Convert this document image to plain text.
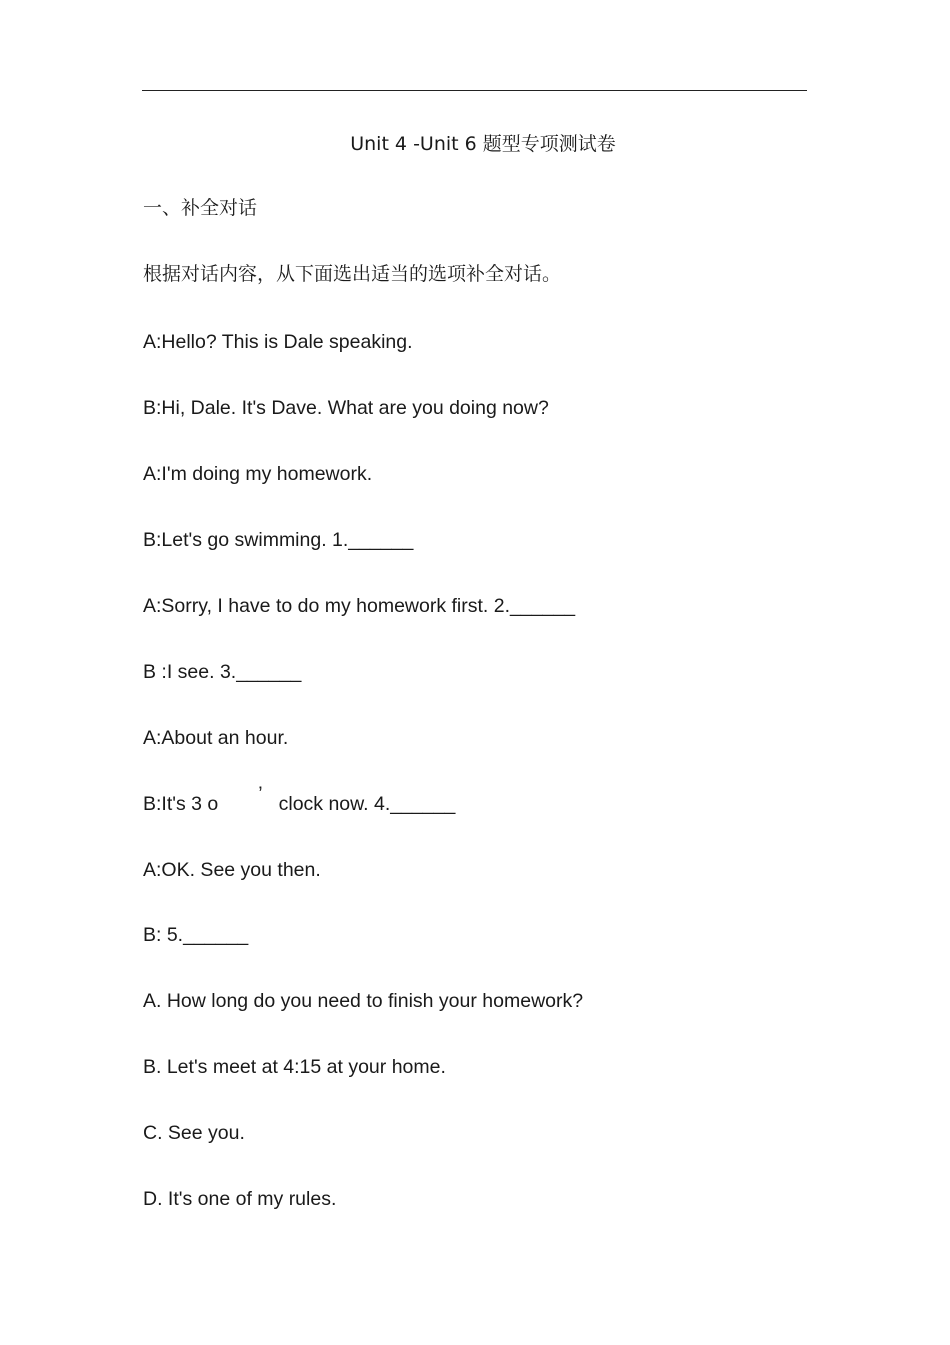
Unit 4 -Unit 6 题型专项测试卷
一、补全对话
根据对话内容，从下面选出适当的选项补全对话。
A:Hello? This is Dale speaking.
B:Hi, Dale. It's Dave. What are you doing now?
A:I'm doing my homework.
B:Let's go swimming. 1.______
A:Sorry, I have to do my homework first. 2.______
B :I see. 3.______
A:About an hour.
B:It's 3 o ’ clock now. 4.______
A:OK. See you then.
B: 5.______
A. How long do you need to finish your homework?
B. Let's meet at 4:15 at your home.
C. See you.
D. It's one of my rules.
